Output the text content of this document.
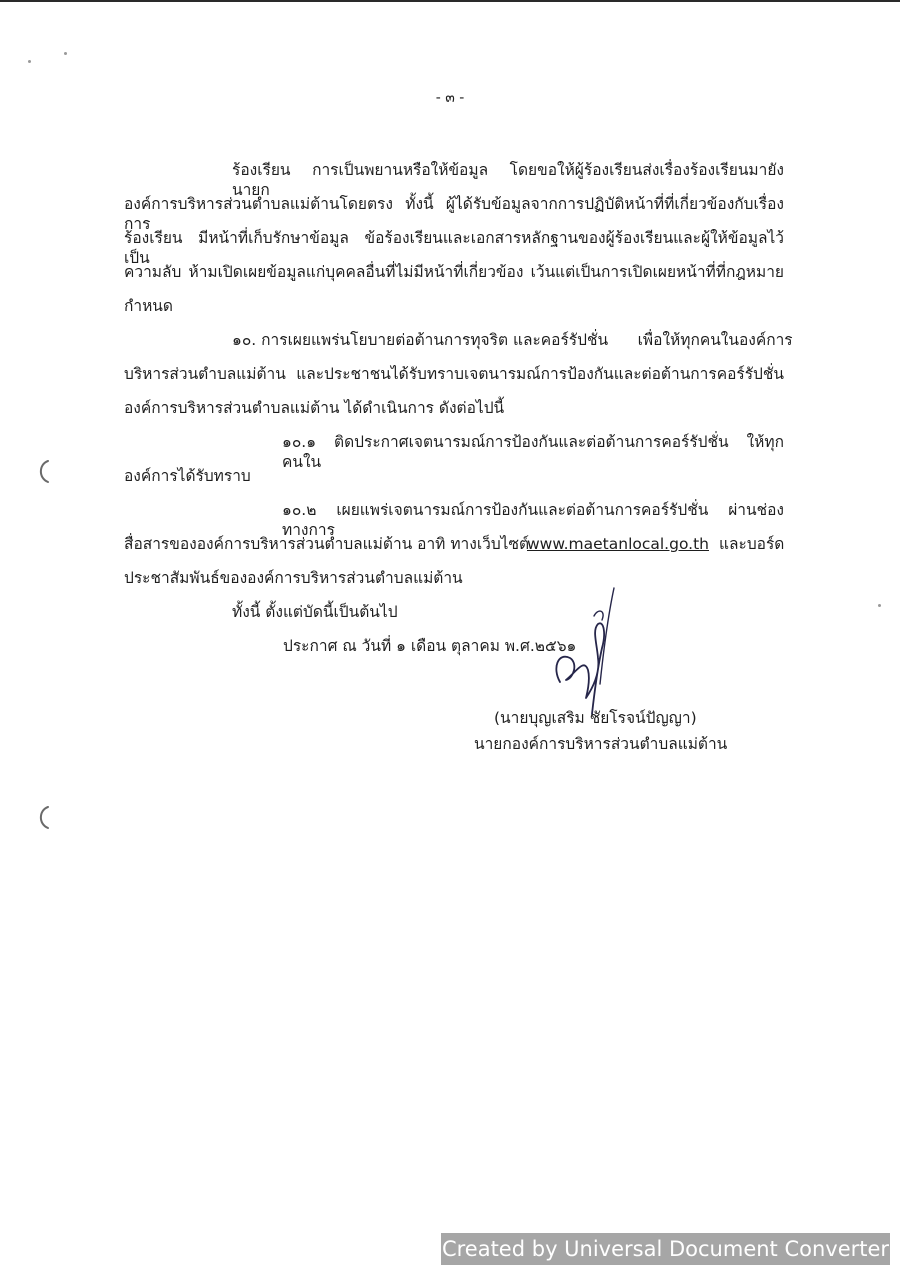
- ๓ -
ร้องเรียน การเป็นพยานหรือให้ข้อมูล โดยขอให้ผู้ร้องเรียนส่งเรื่องร้องเรียนมายังนายก
องค์การบริหารส่วนตำบลแม่ต้านโดยตรง ทั้งนี้ ผู้ได้รับข้อมูลจากการปฏิบัติหน้าที่ที่เกี่ยวข้องกับเรื่องการ
ร้องเรียน มีหน้าที่เก็บรักษาข้อมูล ข้อร้องเรียนและเอกสารหลักฐานของผู้ร้องเรียนและผู้ให้ข้อมูลไว้เป็น
ความลับ ห้ามเปิดเผยข้อมูลแก่บุคคลอื่นที่ไม่มีหน้าที่เกี่ยวข้อง เว้นแต่เป็นการเปิดเผยหน้าที่ที่กฎหมาย
กำหนด
๑๐. การเผยแพร่นโยบายต่อต้านการทุจริต และคอร์รัปชั่น      เพื่อให้ทุกคนในองค์การ
บริหารส่วนตำบลแม่ต้าน และประชาชนได้รับทราบเจตนารมณ์การป้องกันและต่อต้านการคอร์รัปชั่น
องค์การบริหารส่วนตำบลแม่ต้าน ได้ดำเนินการ ดังต่อไปนี้
๑๐.๑ ติดประกาศเจตนารมณ์การป้องกันและต่อต้านการคอร์รัปชั่น ให้ทุกคนใน
องค์การได้รับทราบ
๑๐.๒ เผยแพร่เจตนารมณ์การป้องกันและต่อต้านการคอร์รัปชั่น ผ่านช่องทางการ
สื่อสารขององค์การบริหารส่วนตำบลแม่ต้าน อาทิ ทางเว็บไซต์
www.maetanlocal.go.th และบอร์ด
ประชาสัมพันธ์ขององค์การบริหารส่วนตำบลแม่ต้าน
ทั้งนี้ ตั้งแต่บัดนี้เป็นต้นไป
ประกาศ ณ วันที่ ๑ เดือน ตุลาคม พ.ศ.๒๕๖๑
(นายบุญเสริม ชัยโรจน์ปัญญา)
นายกองค์การบริหารส่วนตำบลแม่ต้าน
Created by Universal Document Converter
